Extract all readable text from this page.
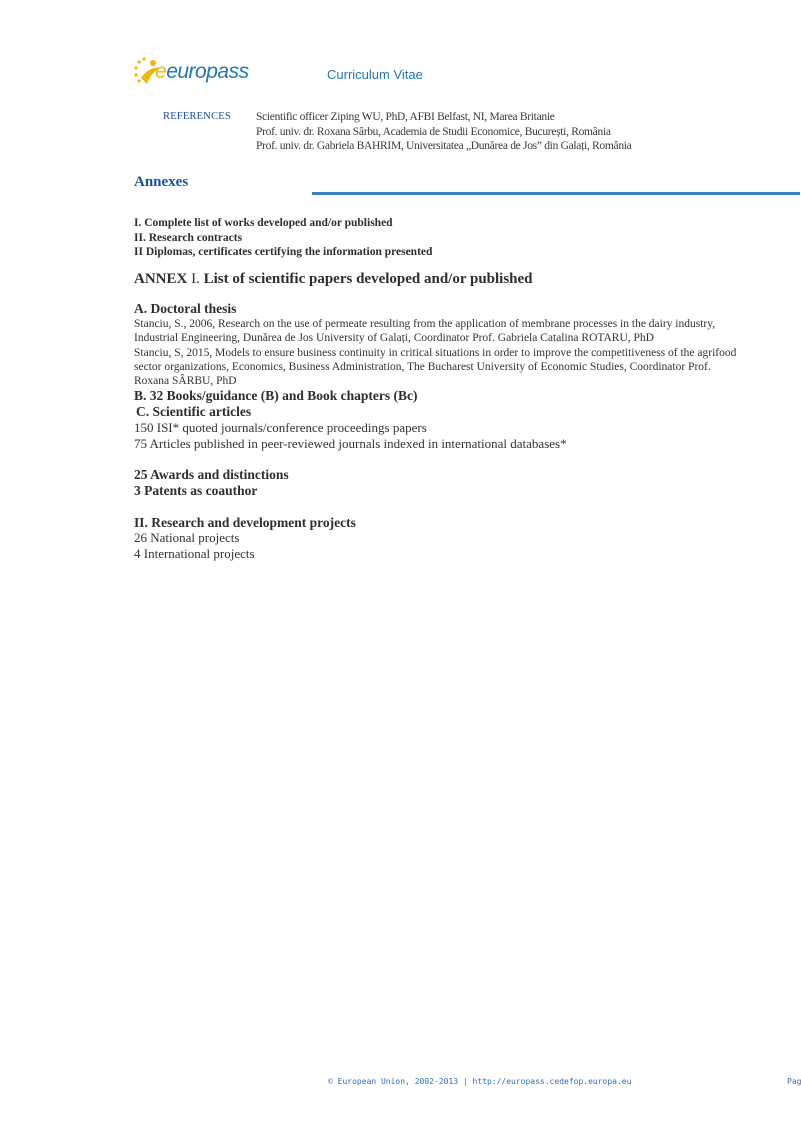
eeuropass	Curriculum Vitae
REFERENCES Scientific officer Ziping WU, PhD, AFBI Belfast, NI, Marea Britanie
Prof. univ. dr. Roxana Sârbu, Academia de Studii Economice, București, România
Prof. univ. dr. Gabriela BAHRIM, Universitatea „Dunărea de Jos” din Galați, România
Annexes
I. Complete list of works developed and/or published
II. Research contracts
II Diplomas, certificates certifying the information presented
ANNEX I. List of scientific papers developed and/or published
A. Doctoral thesis
Stanciu, S., 2006, Research on the use of permeate resulting from the application of membrane processes in the dairy industry, Industrial Engineering, Dunărea de Jos University of Galați, Coordinator Prof. Gabriela Catalina ROTARU, PhD
Stanciu, S, 2015, Models to ensure business continuity in critical situations in order to improve the competitiveness of the agrifood sector organizations, Economics, Business Administration, The Bucharest University of Economic Studies, Coordinator Prof. Roxana SÂRBU, PhD
B. 32 Books/guidance (B) and Book chapters (Bc)
C. Scientific articles
150 ISI* quoted journals/conference proceedings papers
75 Articles published in peer-reviewed journals indexed in international databases*
25 Awards and distinctions
3 Patents as coauthor
II. Research and development projects
26 National projects
4 International projects
© European Union, 2002-2013 | http://europass.cedefop.europa.eu	Pag
